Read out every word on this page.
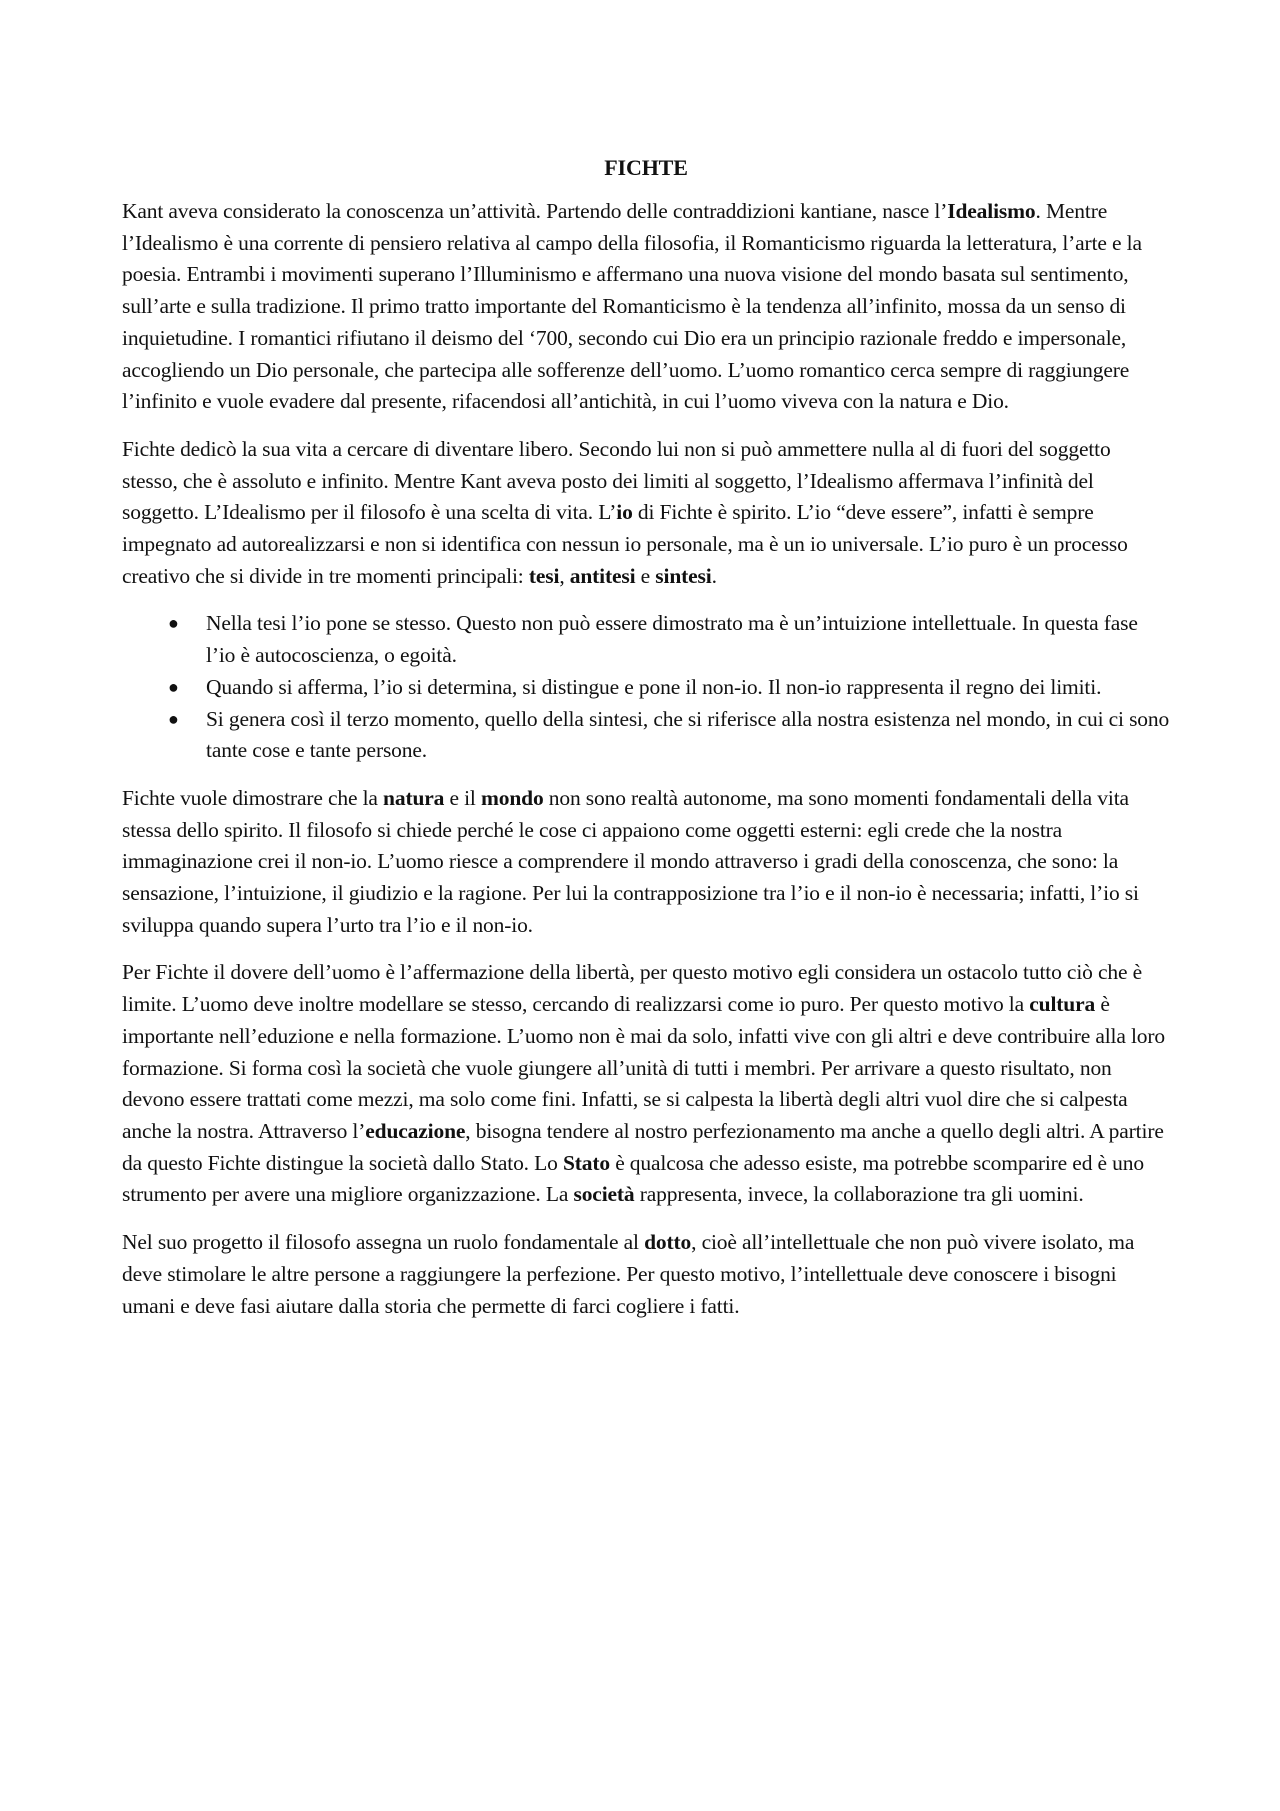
FICHTE

Kant aveva considerato la conoscenza un’attività. Partendo delle contraddizioni kantiane, nasce l’Idealismo. Mentre l’Idealismo è una corrente di pensiero relativa al campo della filosofia, il Romanticismo riguarda la letteratura, l’arte e la poesia. Entrambi i movimenti superano l’Illuminismo e affermano una nuova visione del mondo basata sul sentimento, sull’arte e sulla tradizione. Il primo tratto importante del Romanticismo è la tendenza all’infinito, mossa da un senso di inquietudine. I romantici rifiutano il deismo del ‘700, secondo cui Dio era un principio razionale freddo e impersonale, accogliendo un Dio personale, che partecipa alle sofferenze dell’uomo. L’uomo romantico cerca sempre di raggiungere l’infinito e vuole evadere dal presente, rifacendosi all’antichità, in cui l’uomo viveva con la natura e Dio.

Fichte dedicò la sua vita a cercare di diventare libero. Secondo lui non si può ammettere nulla al di fuori del soggetto stesso, che è assoluto e infinito. Mentre Kant aveva posto dei limiti al soggetto, l’Idealismo affermava l’infinità del soggetto. L’Idealismo per il filosofo è una scelta di vita. L’io di Fichte è spirito. L’io “deve essere”, infatti è sempre impegnato ad autorealizzarsi e non si identifica con nessun io personale, ma è un io universale. L’io puro è un processo creativo che si divide in tre momenti principali: tesi, antitesi e sintesi.

● Nella tesi l’io pone se stesso. Questo non può essere dimostrato ma è un’intuizione intellettuale. In questa fase l’io è autocoscienza, o egoità.
● Quando si afferma, l’io si determina, si distingue e pone il non-io. Il non-io rappresenta il regno dei limiti.
● Si genera così il terzo momento, quello della sintesi, che si riferisce alla nostra esistenza nel mondo, in cui ci sono tante cose e tante persone.

Fichte vuole dimostrare che la natura e il mondo non sono realtà autonome, ma sono momenti fondamentali della vita stessa dello spirito. Il filosofo si chiede perché le cose ci appaiono come oggetti esterni: egli crede che la nostra immaginazione crei il non-io. L’uomo riesce a comprendere il mondo attraverso i gradi della conoscenza, che sono: la sensazione, l’intuizione, il giudizio e la ragione. Per lui la contrapposizione tra l’io e il non-io è necessaria; infatti, l’io si sviluppa quando supera l’urto tra l’io e il non-io.

Per Fichte il dovere dell’uomo è l’affermazione della libertà, per questo motivo egli considera un ostacolo tutto ciò che è limite. L’uomo deve inoltre modellare se stesso, cercando di realizzarsi come io puro. Per questo motivo la cultura è importante nell’eduzione e nella formazione. L’uomo non è mai da solo, infatti vive con gli altri e deve contribuire alla loro formazione. Si forma così la società che vuole giungere all’unità di tutti i membri. Per arrivare a questo risultato, non devono essere trattati come mezzi, ma solo come fini. Infatti, se si calpesta la libertà degli altri vuol dire che si calpesta anche la nostra. Attraverso l’educazione, bisogna tendere al nostro perfezionamento ma anche a quello degli altri. A partire da questo Fichte distingue la società dallo Stato. Lo Stato è qualcosa che adesso esiste, ma potrebbe scomparire ed è uno strumento per avere una migliore organizzazione. La società rappresenta, invece, la collaborazione tra gli uomini.

Nel suo progetto il filosofo assegna un ruolo fondamentale al dotto, cioè all’intellettuale che non può vivere isolato, ma deve stimolare le altre persone a raggiungere la perfezione. Per questo motivo, l’intellettuale deve conoscere i bisogni umani e deve fasi aiutare dalla storia che permette di farci cogliere i fatti.
